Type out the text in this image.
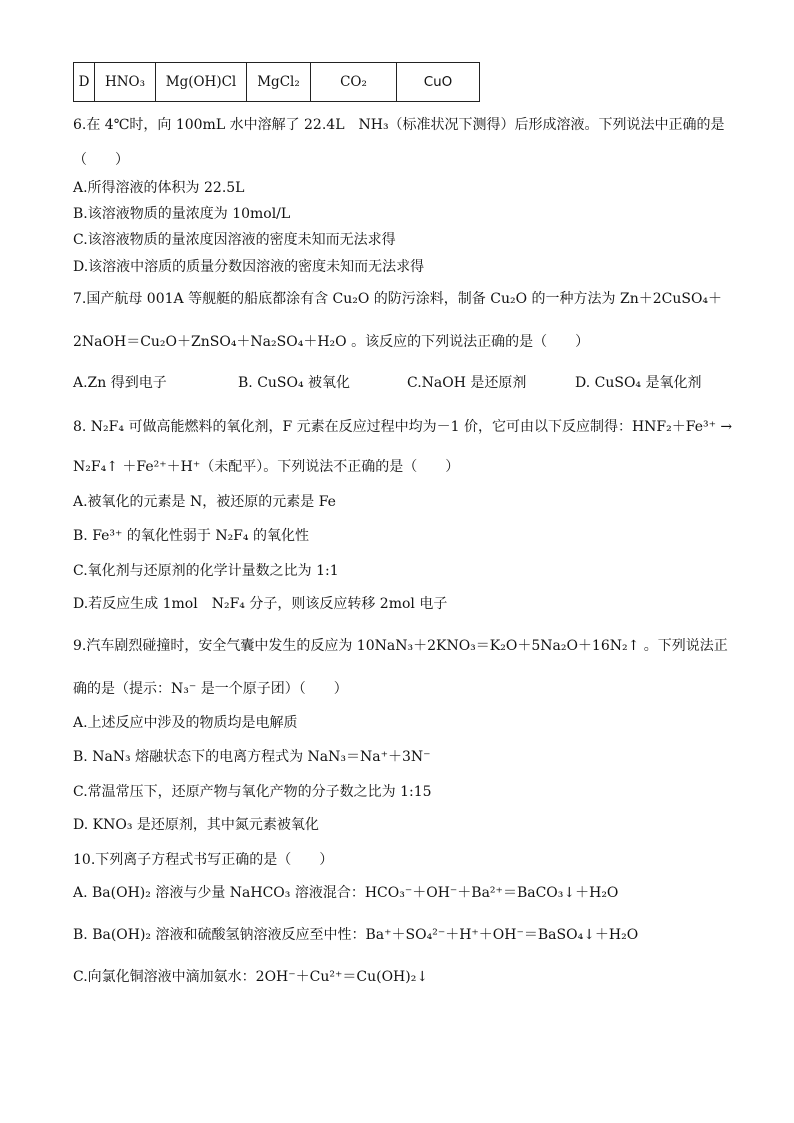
D	HNO₃	Mg(OH)Cl	MgCl₂	CO₂	CuO
6.在 4℃时，向 100mL 水中溶解了 22.4L　NH₃（标准状况下测得）后形成溶液。下列说法中正确的是
（　　）
A.所得溶液的体积为 22.5L
B.该溶液物质的量浓度为 10mol/L
C.该溶液物质的量浓度因溶液的密度未知而无法求得
D.该溶液中溶质的质量分数因溶液的密度未知而无法求得
7.国产航母 001A 等舰艇的船底都涂有含 Cu₂O 的防污涂料，制备 Cu₂O 的一种方法为 Zn＋2CuSO₄＋
2NaOH＝Cu₂O＋ZnSO₄＋Na₂SO₄＋H₂O 。该反应的下列说法正确的是（　　）
A.Zn 得到电子	B. CuSO₄ 被氧化	C.NaOH 是还原剂	D. CuSO₄ 是氧化剂
8. N₂F₄ 可做高能燃料的氧化剂，F 元素在反应过程中均为－1 价，它可由以下反应制得：HNF₂＋Fe³⁺ →
N₂F₄↑ ＋Fe²⁺＋H⁺（未配平）。下列说法不正确的是（　　）
A.被氧化的元素是 N，被还原的元素是 Fe
B. Fe³⁺ 的氧化性弱于 N₂F₄ 的氧化性
C.氧化剂与还原剂的化学计量数之比为 1:1
D.若反应生成 1mol　N₂F₄ 分子，则该反应转移 2mol 电子
9.汽车剧烈碰撞时，安全气囊中发生的反应为 10NaN₃＋2KNO₃＝K₂O＋5Na₂O＋16N₂↑ 。下列说法正
确的是（提示：N₃⁻ 是一个原子团）（　　）
A.上述反应中涉及的物质均是电解质
B. NaN₃ 熔融状态下的电离方程式为 NaN₃＝Na⁺＋3N⁻
C.常温常压下，还原产物与氧化产物的分子数之比为 1:15
D. KNO₃ 是还原剂，其中氮元素被氧化
10.下列离子方程式书写正确的是（　　）
A. Ba(OH)₂ 溶液与少量 NaHCO₃ 溶液混合：HCO₃⁻＋OH⁻＋Ba²⁺＝BaCO₃↓＋H₂O
B. Ba(OH)₂ 溶液和硫酸氢钠溶液反应至中性：Ba⁺＋SO₄²⁻＋H⁺＋OH⁻＝BaSO₄↓＋H₂O
C.向氯化铜溶液中滴加氨水：2OH⁻＋Cu²⁺＝Cu(OH)₂↓
